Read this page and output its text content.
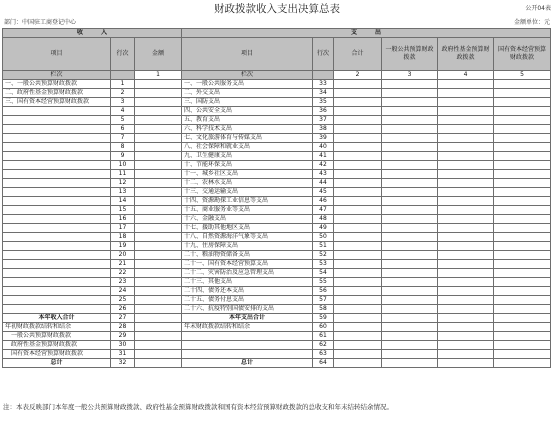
财政拨款收入支出决算总表	公开04表
部门：中国驻工商登记中心	金额单位：元
收　　　入			支　　　出					
项目	行次	金额	项目	行次	合计	一般公共预算财政拨款	政府性基金预算财政拨款	国有资本经营预算财政拨款
栏次		1	栏次		2	3	4	5
一、一般公共预算财政拨款	1		一、一般公共服务支出	33				
二、政府性基金预算财政拨款	2		二、外交支出	34				
三、国有资本经营预算财政拨款	3		三、国防支出	35				
	4		四、公共安全支出	36				
	5		五、教育支出	37				
	6		六、科学技术支出	38				
	7		七、文化旅游体育与传媒支出	39				
	8		八、社会保障和就业支出	40				
	9		九、卫生健康支出	41				
	10		十、节能环保支出	42				
	11		十一、城乡社区支出	43				
	12		十二、农林水支出	44				
	13		十三、交通运输支出	45				
	14		十四、资源勘探工业信息等支出	46				
	15		十五、商业服务业等支出	47				
	16		十六、金融支出	48				
	17		十七、援助其他地区支出	49				
	18		十八、自然资源海洋气象等支出	50				
	19		十九、住房保障支出	51				
	20		二十、粮油物资储备支出	52				
	21		二十一、国有资本经营预算支出	53				
	22		二十二、灾害防治及应急管理支出	54				
	23		二十三、其他支出	55				
	24		二十四、债务还本支出	56				
	25		二十五、债务付息支出	57				
	26		二十六、抗疫特别国债安排的支出	58				
本年收入合计	27		本年支出合计	59				
年初财政拨款结转和结余	28		年末财政拨款结转和结余	60				
一般公共预算财政拨款	29			61				
政府性基金预算财政拨款	30			62				
国有资本经营预算财政拨款	31			63				
总计	32		总计	64				
注：本表反映部门本年度一般公共预算财政拨款、政府性基金预算财政拨款和国有资本经营预算财政拨款的总收支和年末结转结余情况。
